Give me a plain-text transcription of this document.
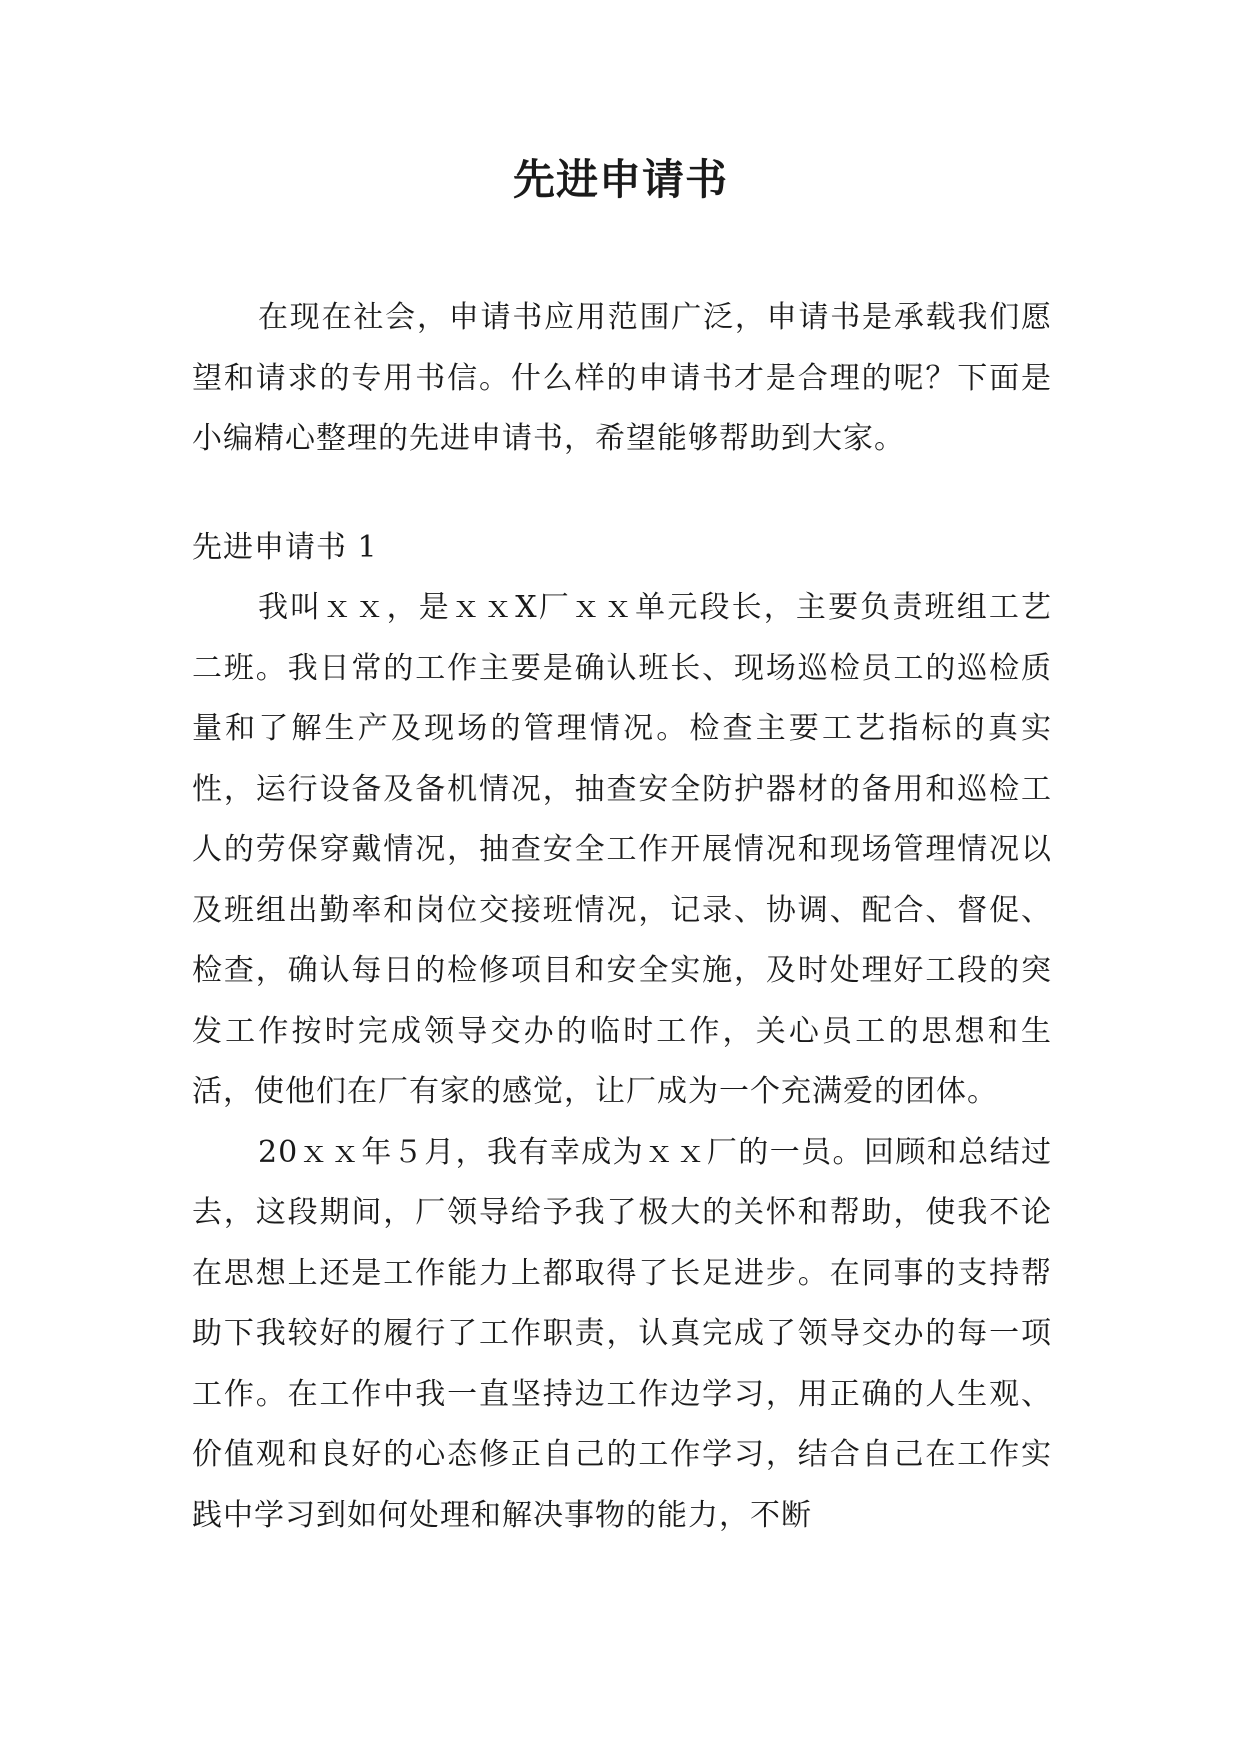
先进申请书

在现在社会，申请书应用范围广泛，申请书是承载我们愿望和请求的专用书信。什么样的申请书才是合理的呢？下面是小编精心整理的先进申请书，希望能够帮助到大家。

先进申请书 1

我叫ｘｘ，是ｘｘX厂ｘｘ单元段长，主要负责班组工艺二班。我日常的工作主要是确认班长、现场巡检员工的巡检质量和了解生产及现场的管理情况。检查主要工艺指标的真实性，运行设备及备机情况，抽查安全防护器材的备用和巡检工人的劳保穿戴情况，抽查安全工作开展情况和现场管理情况以及班组出勤率和岗位交接班情况，记录、协调、配合、督促、检查，确认每日的检修项目和安全实施，及时处理好工段的突发工作按时完成领导交办的临时工作，关心员工的思想和生活，使他们在厂有家的感觉，让厂成为一个充满爱的团体。

20ｘｘ年５月，我有幸成为ｘｘ厂的一员。回顾和总结过去，这段期间，厂领导给予我了极大的关怀和帮助，使我不论在思想上还是工作能力上都取得了长足进步。在同事的支持帮助下我较好的履行了工作职责，认真完成了领导交办的每一项工作。在工作中我一直坚持边工作边学习，用正确的人生观、价值观和良好的心态修正自己的工作学习，结合自己在工作实践中学习到如何处理和解决事物的能力，不断
